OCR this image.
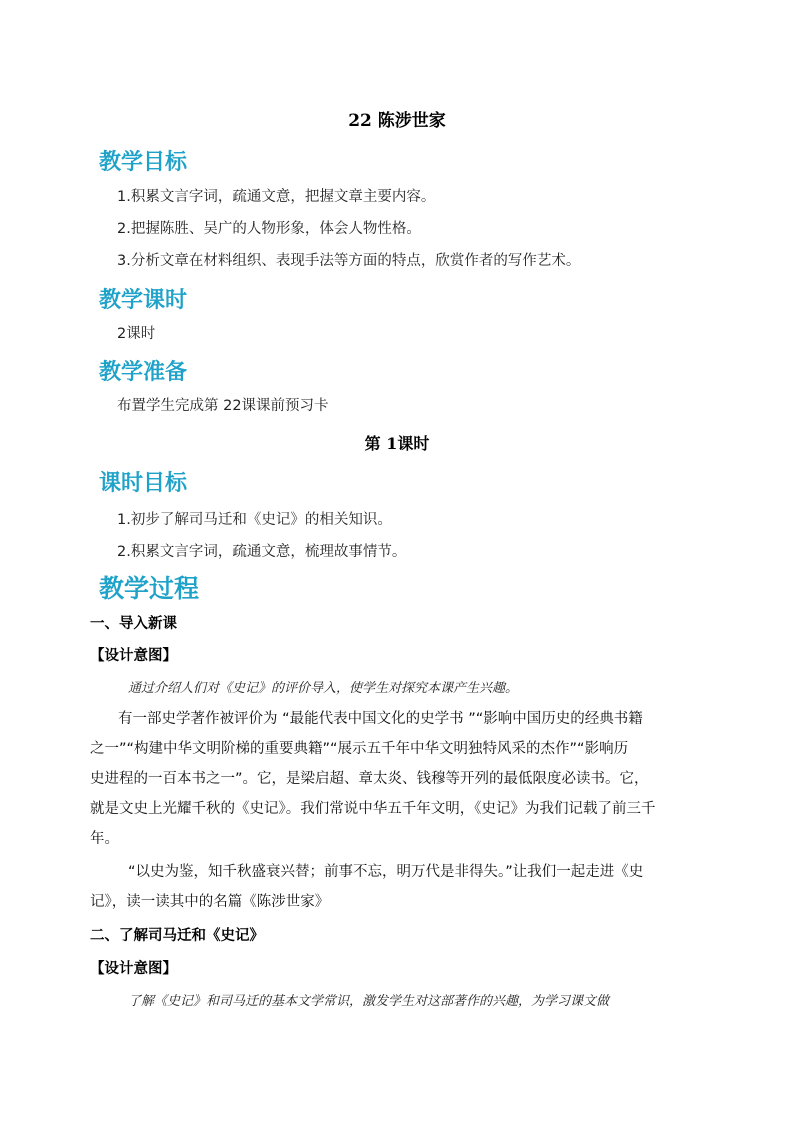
22 陈涉世家
教学目标
1.积累文言字词，疏通文意，把握文章主要内容。
2.把握陈胜、吴广的人物形象，体会人物性格。
3.分析文章在材料组织、表现手法等方面的特点，欣赏作者的写作艺术。
教学课时
2课时
教学准备
布置学生完成第 22课课前预习卡
第 1课时
课时目标
1.初步了解司马迁和《史记》的相关知识。
2.积累文言字词，疏通文意，梳理故事情节。
教学过程
一、导入新课
【设计意图】
通过介绍人们对《史记》的评价导入，使学生对探究本课产生兴趣。
有一部史学著作被评价为 “最能代表中国文化的史学书 ”“影响中国历史的经典书籍
之一”“构建中华文明阶梯的重要典籍”“展示五千年中华文明独特风采的杰作”“影响历
史进程的一百本书之一”。它，是梁启超、章太炎、钱穆等开列的最低限度必读书。它，
就是文史上光耀千秋的《史记》。我们常说中华五千年文明，《史记》为我们记载了前三千
年。
“以史为鉴，知千秋盛衰兴替；前事不忘，明万代是非得失。”让我们一起走进《史
记》，读一读其中的名篇《陈涉世家》
二、了解司马迁和《史记》
【设计意图】
了解《史记》和司马迁的基本文学常识，激发学生对这部著作的兴趣，为学习课文做
